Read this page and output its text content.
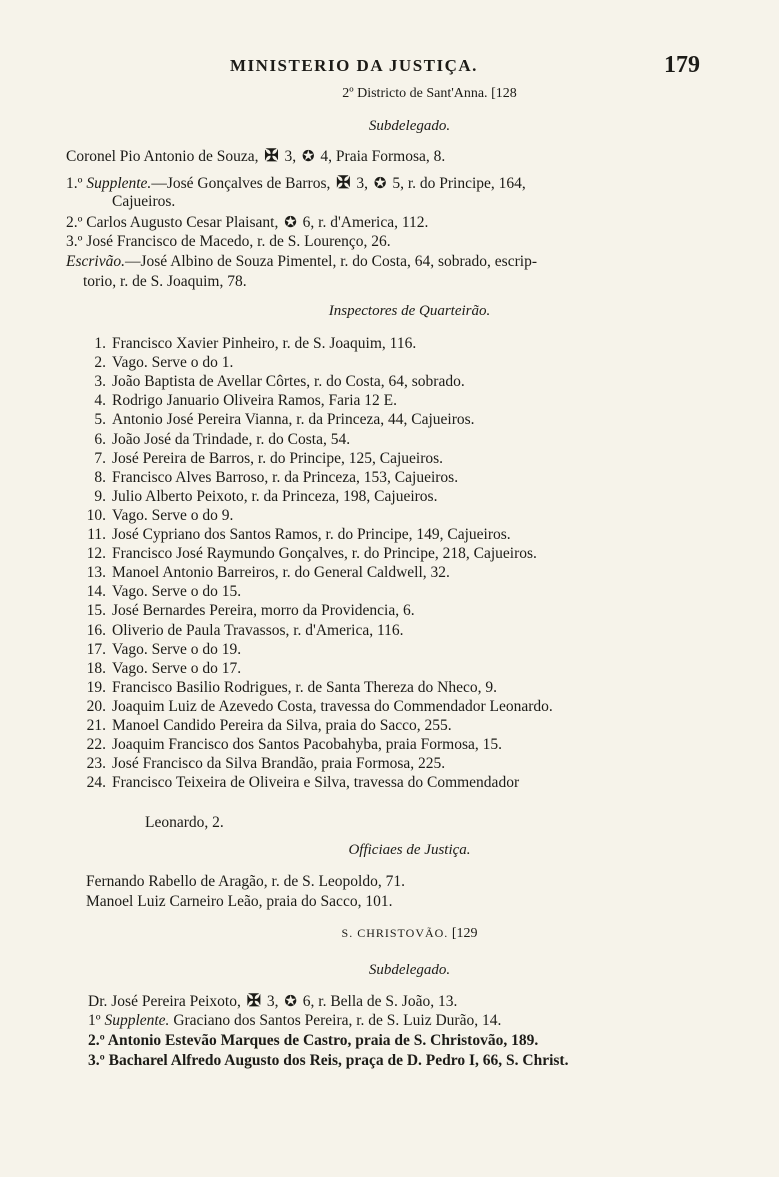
MINISTERIO DA JUSTIÇA.	179
2º Districto de Sant'Anna. [128
Subdelegado.
Coronel Pio Antonio de Souza, ✠ 3, ✪ 4, Praia Formosa, 8.
1.º Supplente.—José Gonçalves de Barros, ✠ 3, ✪ 5, r. do Principe, 164,
Cajueiros.
2.º Carlos Augusto Cesar Plaisant, ✪ 6, r. d'America, 112.
3.º José Francisco de Macedo, r. de S. Lourenço, 26.
Escrivão.—José Albino de Souza Pimentel, r. do Costa, 64, sobrado, escrip-
torio, r. de S. Joaquim, 78.
Inspectores de Quarteirão.
1. Francisco Xavier Pinheiro, r. de S. Joaquim, 116.
2. Vago. Serve o do 1.
3. João Baptista de Avellar Côrtes, r. do Costa, 64, sobrado.
4. Rodrigo Januario Oliveira Ramos, Faria 12 E.
5. Antonio José Pereira Vianna, r. da Princeza, 44, Cajueiros.
6. João José da Trindade, r. do Costa, 54.
7. José Pereira de Barros, r. do Principe, 125, Cajueiros.
8. Francisco Alves Barroso, r. da Princeza, 153, Cajueiros.
9. Julio Alberto Peixoto, r. da Princeza, 198, Cajueiros.
10. Vago. Serve o do 9.
11. José Cypriano dos Santos Ramos, r. do Principe, 149, Cajueiros.
12. Francisco José Raymundo Gonçalves, r. do Principe, 218, Cajueiros.
13. Manoel Antonio Barreiros, r. do General Caldwell, 32.
14. Vago. Serve o do 15.
15. José Bernardes Pereira, morro da Providencia, 6.
16. Oliverio de Paula Travassos, r. d'America, 116.
17. Vago. Serve o do 19.
18. Vago. Serve o do 17.
19. Francisco Basilio Rodrigues, r. de Santa Thereza do Nheco, 9.
20. Joaquim Luiz de Azevedo Costa, travessa do Commendador Leonardo.
21. Manoel Candido Pereira da Silva, praia do Sacco, 255.
22. Joaquim Francisco dos Santos Pacobahyba, praia Formosa, 15.
23. José Francisco da Silva Brandão, praia Formosa, 225.
24. Francisco Teixeira de Oliveira e Silva, travessa do Commendador
Leonardo, 2.
Officiaes de Justiça.
Fernando Rabello de Aragão, r. de S. Leopoldo, 71.
Manoel Luiz Carneiro Leão, praia do Sacco, 101.
S. CHRISTOVÃO. [129
Subdelegado.
Dr. José Pereira Peixoto, ✠ 3, ✪ 6, r. Bella de S. João, 13.
1º Supplente. Graciano dos Santos Pereira, r. de S. Luiz Durão, 14.
2.º Antonio Estevão Marques de Castro, praia de S. Christovão, 189.
3.º Bacharel Alfredo Augusto dos Reis, praça de D. Pedro I, 66, S. Christ.
